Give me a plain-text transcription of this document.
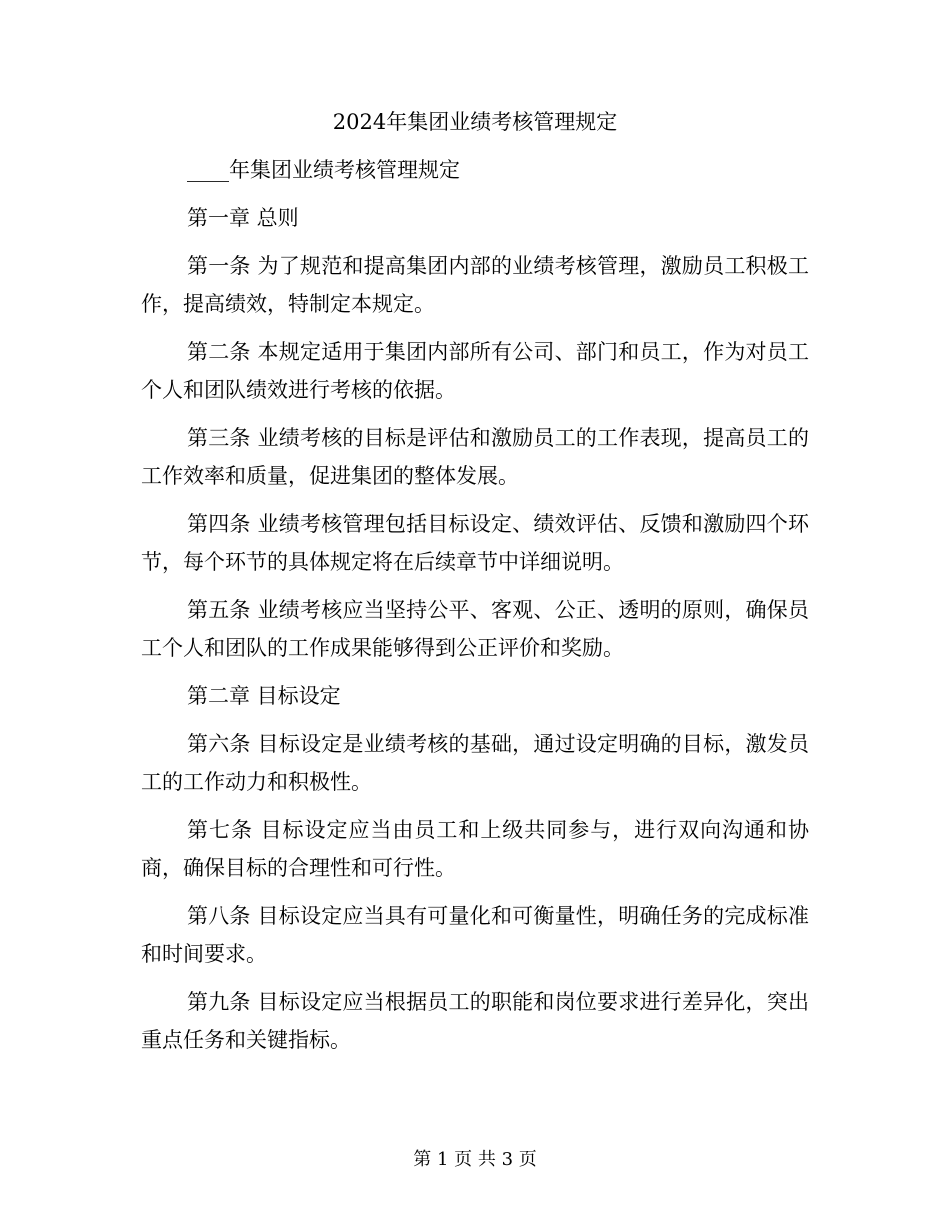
2024年集团业绩考核管理规定

____年集团业绩考核管理规定

第一章 总则

第一条 为了规范和提高集团内部的业绩考核管理，激励员工积极工作，提高绩效，特制定本规定。

第二条 本规定适用于集团内部所有公司、部门和员工，作为对员工个人和团队绩效进行考核的依据。

第三条 业绩考核的目标是评估和激励员工的工作表现，提高员工的工作效率和质量，促进集团的整体发展。

第四条 业绩考核管理包括目标设定、绩效评估、反馈和激励四个环节，每个环节的具体规定将在后续章节中详细说明。

第五条 业绩考核应当坚持公平、客观、公正、透明的原则，确保员工个人和团队的工作成果能够得到公正评价和奖励。

第二章 目标设定

第六条 目标设定是业绩考核的基础，通过设定明确的目标，激发员工的工作动力和积极性。

第七条 目标设定应当由员工和上级共同参与，进行双向沟通和协商，确保目标的合理性和可行性。

第八条 目标设定应当具有可量化和可衡量性，明确任务的完成标准和时间要求。

第九条 目标设定应当根据员工的职能和岗位要求进行差异化，突出重点任务和关键指标。

第 1 页 共 3 页
